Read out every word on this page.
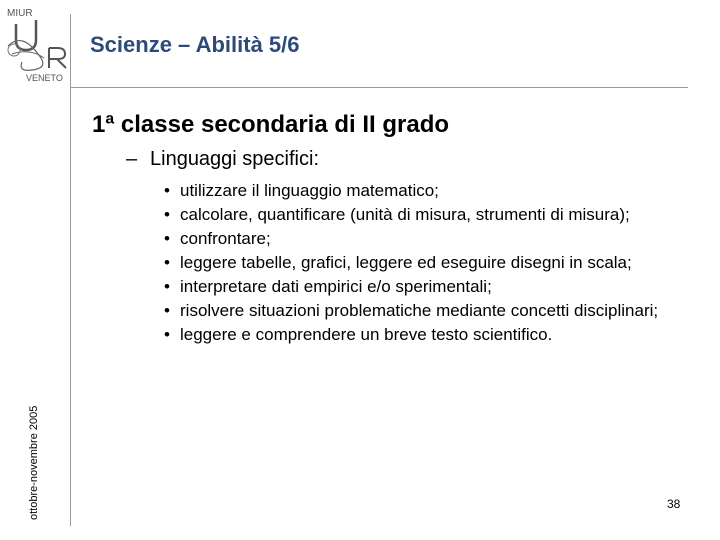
MIUR
VENETO
Scienze – Abilità 5/6
ottobre-novembre 2005
1ª classe secondaria di II grado
– Linguaggi specifici:
• utilizzare il linguaggio matematico;
• calcolare, quantificare (unità di misura, strumenti di misura);
• confrontare;
• leggere tabelle, grafici, leggere ed eseguire disegni in scala;
• interpretare dati empirici e/o sperimentali;
• risolvere situazioni problematiche mediante concetti disciplinari;
• leggere e comprendere un breve testo scientifico.
38
